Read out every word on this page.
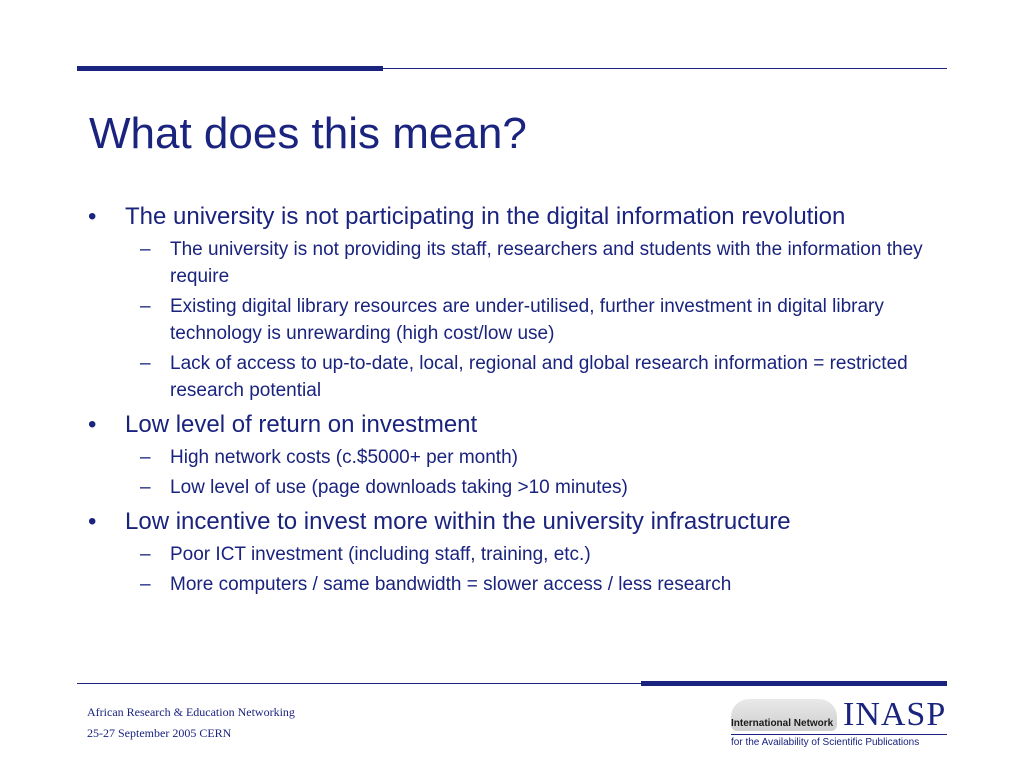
What does this mean?
• The university is not participating in the digital information revolution
– The university is not providing its staff, researchers and students with the information they require
– Existing digital library resources are under-utilised, further investment in digital library technology is unrewarding (high cost/low use)
– Lack of access to up-to-date, local, regional and global research information = restricted research potential
• Low level of return on investment
– High network costs (c.$5000+ per month)
– Low level of use (page downloads taking >10 minutes)
• Low incentive to invest more within the university infrastructure
– Poor ICT investment (including staff, training, etc.)
– More computers / same bandwidth = slower access / less research
African Research & Education Networking
25-27 September 2005 CERN
International Network INASP
for the Availability of Scientific Publications
